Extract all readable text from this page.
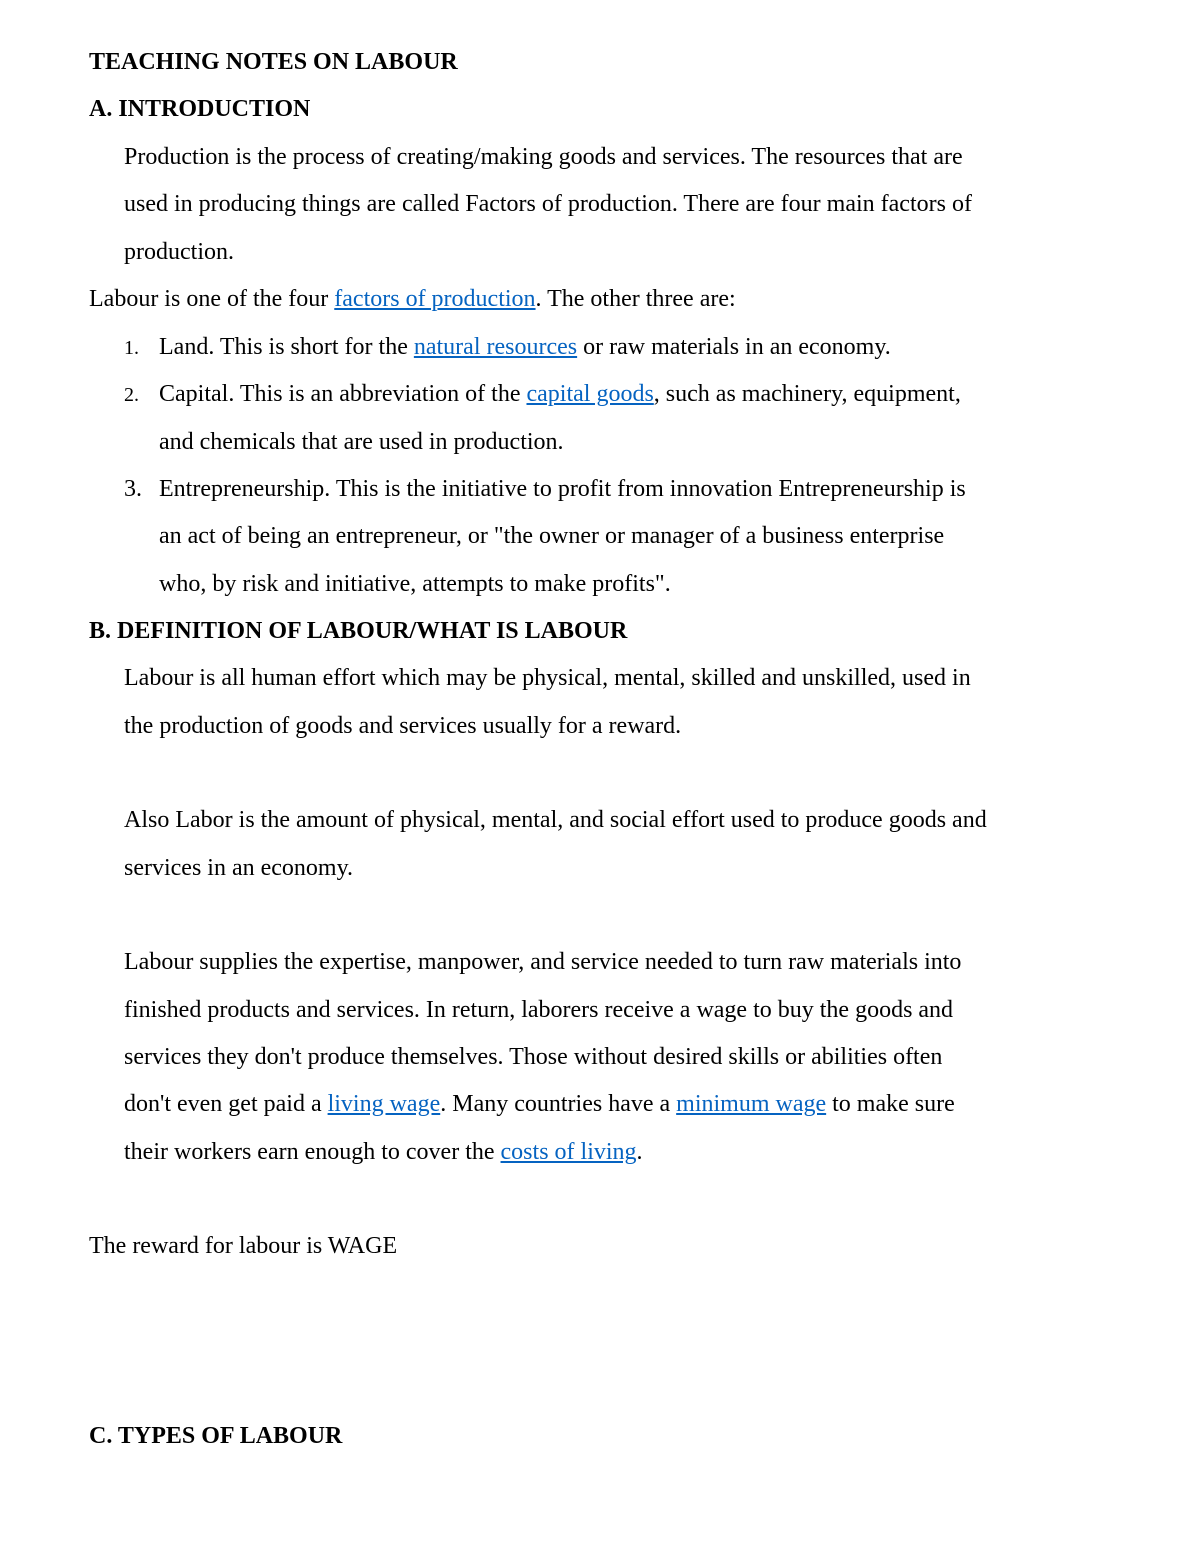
TEACHING NOTES ON LABOUR
A. INTRODUCTION
Production is the process of creating/making goods and services. The resources that are
used in producing things are called Factors of production. There are four main factors of
production.
Labour is one of the four factors of production. The other three are:
1. Land. This is short for the natural resources or raw materials in an economy.
2. Capital. This is an abbreviation of the capital goods, such as machinery, equipment,
and chemicals that are used in production.
3. Entrepreneurship. This is the initiative to profit from innovation Entrepreneurship is
an act of being an entrepreneur, or "the owner or manager of a business enterprise
who, by risk and initiative, attempts to make profits".
B. DEFINITION OF LABOUR/WHAT IS LABOUR
Labour is all human effort which may be physical, mental, skilled and unskilled, used in
the production of goods and services usually for a reward.
Also Labor is the amount of physical, mental, and social effort used to produce goods and
services in an economy.
Labour supplies the expertise, manpower, and service needed to turn raw materials into
finished products and services. In return, laborers receive a wage to buy the goods and
services they don't produce themselves. Those without desired skills or abilities often
don't even get paid a living wage. Many countries have a minimum wage to make sure
their workers earn enough to cover the costs of living.
The reward for labour is WAGE
C. TYPES OF LABOUR
